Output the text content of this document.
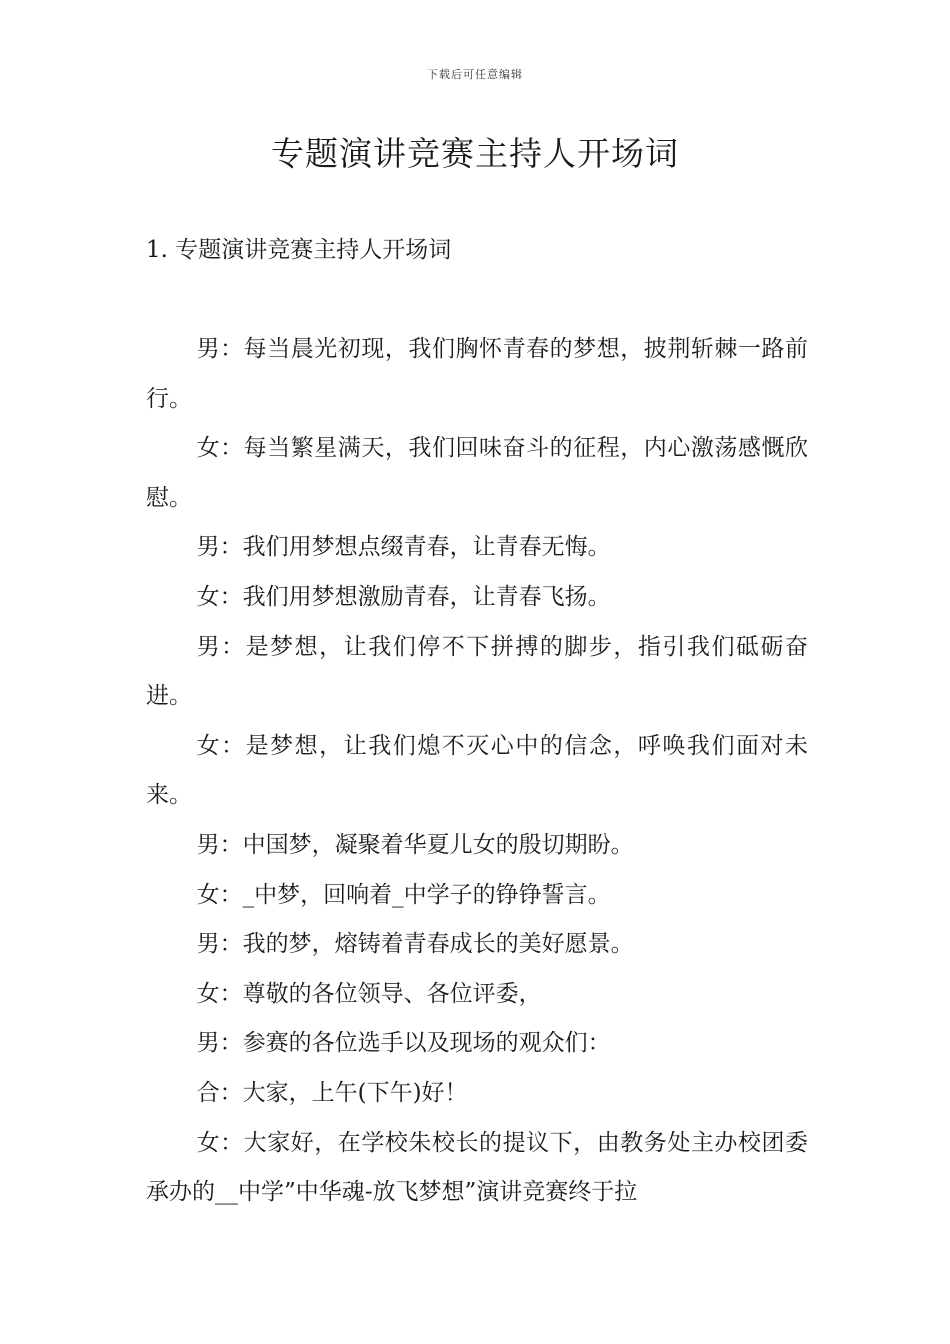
下载后可任意编辑
专题演讲竞赛主持人开场词
1. 专题演讲竞赛主持人开场词

男：每当晨光初现，我们胸怀青春的梦想，披荆斩棘一路前行。

女：每当繁星满天，我们回味奋斗的征程，内心激荡感慨欣慰。

男：我们用梦想点缀青春，让青春无悔。

女：我们用梦想激励青春，让青春飞扬。

男：是梦想，让我们停不下拼搏的脚步，指引我们砥砺奋进。

女：是梦想，让我们熄不灭心中的信念，呼唤我们面对未来。

男：中国梦，凝聚着华夏儿女的殷切期盼。

女：_中梦，回响着_中学子的铮铮誓言。

男：我的梦，熔铸着青春成长的美好愿景。

女：尊敬的各位领导、各位评委，

男：参赛的各位选手以及现场的观众们：

合：大家，上午(下午)好！

女：大家好，在学校朱校长的提议下，由教务处主办校团委承办的__中学”中华魂-放飞梦想”演讲竞赛终于拉
